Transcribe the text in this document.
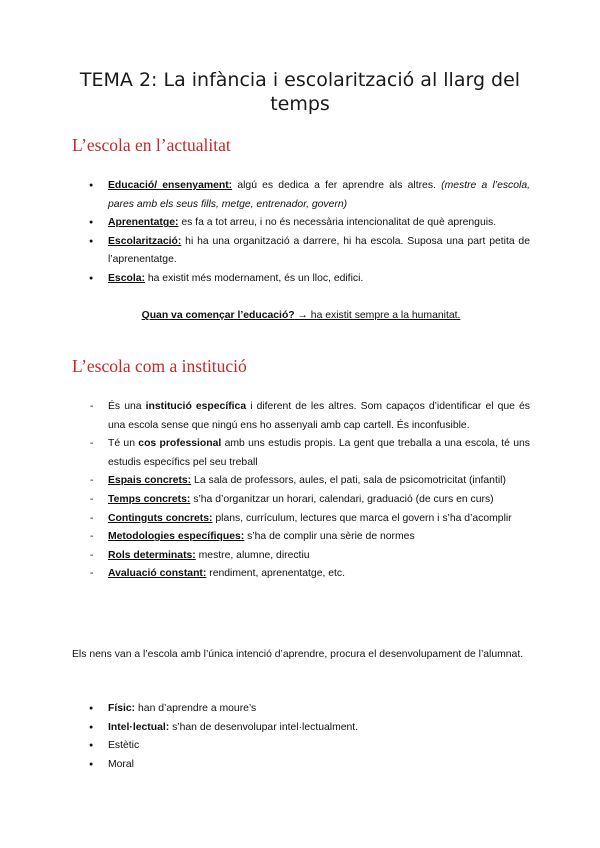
TEMA 2: La infància i escolarització al llarg del temps
L’escola en l’actualitat
● Educació/ ensenyament: algú es dedica a fer aprendre als altres. (mestre a l’escola, pares amb els seus fills, metge, entrenador, govern)
● Aprenentatge: es fa a tot arreu, i no és necessària intencionalitat de què aprenguis.
● Escolarització: hi ha una organització a darrere, hi ha escola. Suposa una part petita de l’aprenentatge.
● Escola: ha existit més modernament, és un lloc, edifici.
Quan va començar l’educació? → ha existit sempre a la humanitat.
L’escola com a institució
- És una institució específica i diferent de les altres. Som capaços d’identificar el que és una escola sense que ningú ens ho assenyali amb cap cartell. És inconfusible.
- Té un cos professional amb uns estudis propis. La gent que treballa a una escola, té uns estudis específics pel seu treball
- Espais concrets: La sala de professors, aules, el pati, sala de psicomotricitat (infantil)
- Temps concrets: s’ha d’organitzar un horari, calendari, graduació (de curs en curs)
- Continguts concrets: plans, currículum, lectures que marca el govern i s’ha d’acomplir
- Metodologies específiques: s’ha de complir una sèrie de normes
- Rols determinats: mestre, alumne, directiu
- Avaluació constant: rendiment, aprenentatge, etc.
Els nens van a l’escola amb l’única intenció d’aprendre, procura el desenvolupament de l’alumnat.
● Físic: han d’aprendre a moure’s
● Intel·lectual: s’han de desenvolupar intel·lectualment.
● Estètic
● Moral
